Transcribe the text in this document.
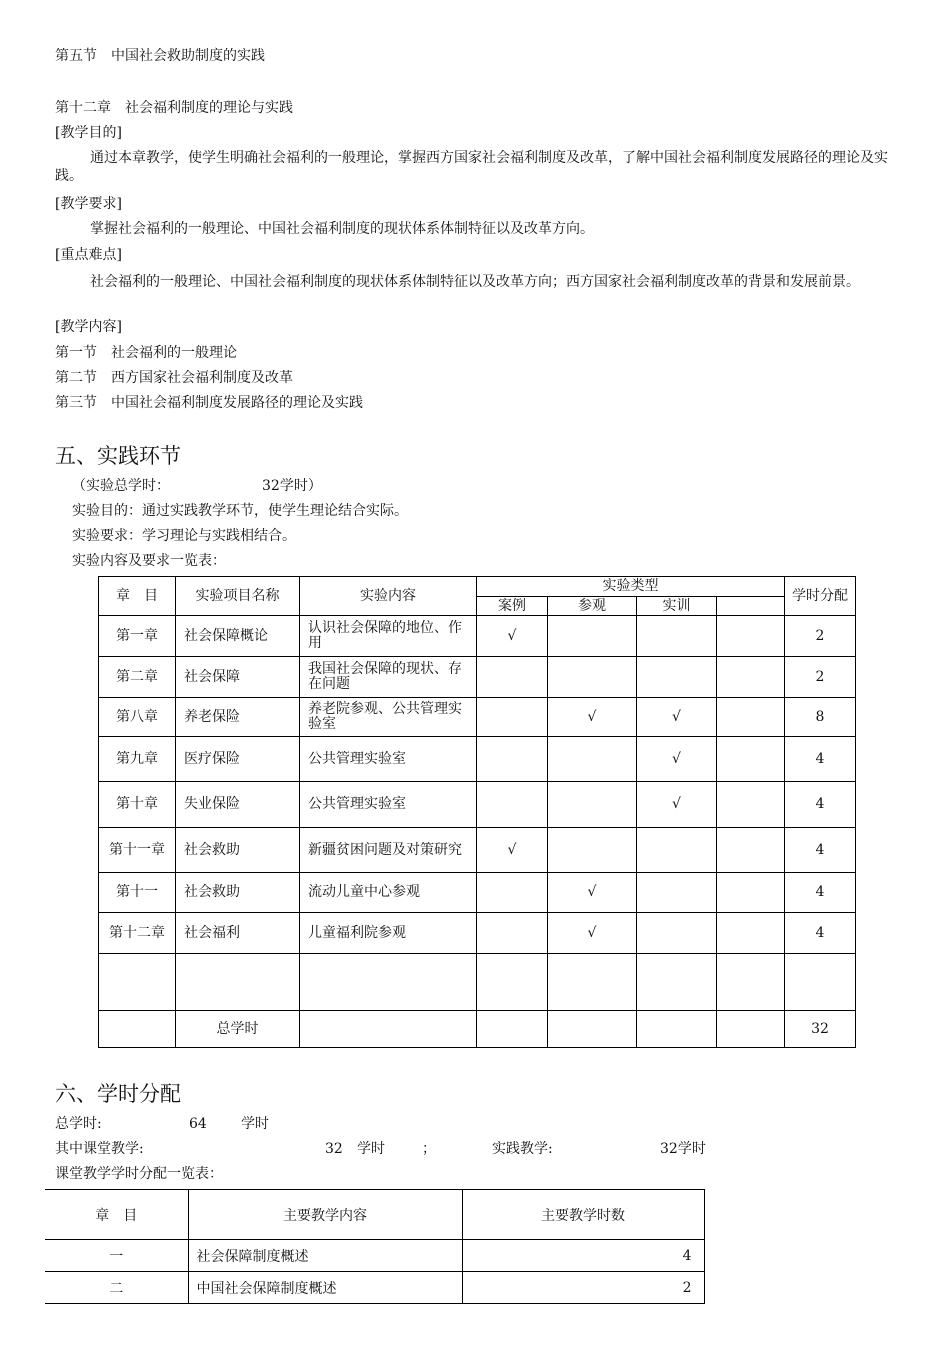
第五节　中国社会救助制度的实践
第十二章　社会福利制度的理论与实践
[教学目的]
通过本章教学，使学生明确社会福利的一般理论，掌握西方国家社会福利制度及改革，了解中国社会福利制度发展路径的理论及实践。
[教学要求]
掌握社会福利的一般理论、中国社会福利制度的现状体系体制特征以及改革方向。
[重点难点]
社会福利的一般理论、中国社会福利制度的现状体系体制特征以及改革方向；西方国家社会福利制度改革的背景和发展前景。
[教学内容]
第一节　社会福利的一般理论
第二节　西方国家社会福利制度及改革
第三节　中国社会福利制度发展路径的理论及实践
五、实践环节
（实验总学时：	32学时）
实验目的：通过实践教学环节，使学生理论结合实际。
实验要求：学习理论与实践相结合。
实验内容及要求一览表：
章　目	实验项目名称	实验内容	实验类型				学时分配
			案例	参观	实训		
第一章	社会保障概论	认识社会保障的地位、作用	√				2
第二章	社会保障	我国社会保障的现状、存在问题					2
第八章	养老保险	养老院参观、公共管理实验室		√	√		8
第九章	医疗保险	公共管理实验室			√		4
第十章	失业保险	公共管理实验室			√		4
第十一章	社会救助	新疆贫困问题及对策研究	√				4
第十一	社会救助	流动儿童中心参观		√			4
第十二章	社会福利	儿童福利院参观		√			4

	总学时						32
六、学时分配
总学时:	64 学时
其中课堂教学:	32 学时	；	实践教学:	32学时
课堂教学学时分配一览表：
章　目	主要教学内容	主要教学时数
一	社会保障制度概述	4
二	中国社会保障制度概述	2
